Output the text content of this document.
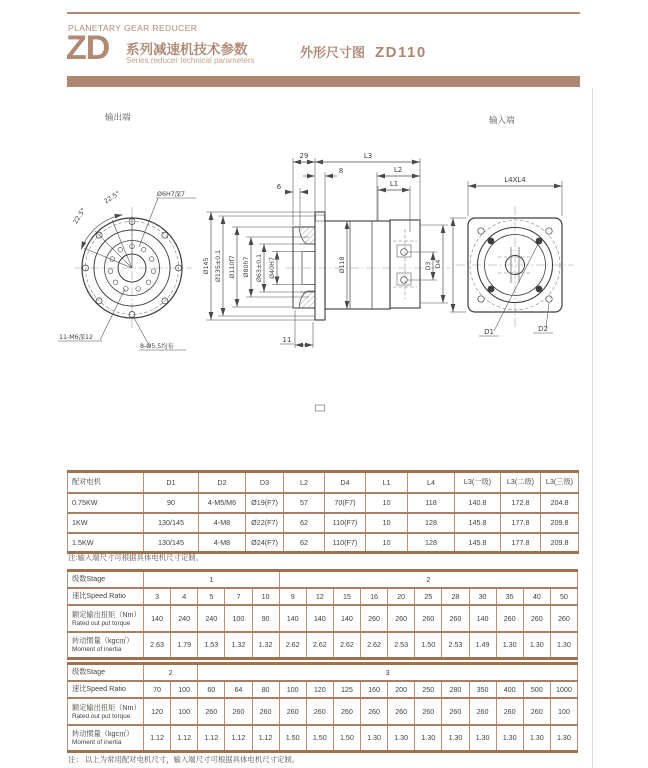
PLANETARY GEAR REDUCER
ZD 系列减速机技术参数
Series reducer technical parameters
外形尺寸图 ZD110
输出端	输入端
22.5°
22.5°
Ø6H7深7
11-M6深12
8-Ø5.5均布
Ø145 Ø135±0.1 Ø110f7 Ø80h7 Ø63±0.1 Ø40H7	Ø118	D3 D4
29	L3
8	L2
L1
6
11
L4XL4
D1	D2
配对电机	D1	D2	D3	L2	D4	L1	L4	L3(一级)	L3(二级)	L3(三级)
0.75KW	90	4-M5/M6	Ø19(F7)	57	70(F7)	10	118	140.8	172.8	204.8
1KW	130/145	4-M8	Ø22(F7)	62	110(F7)	10	128	145.8	177.8	209.8
1.5KW	130/145	4-M8	Ø24(F7)	62	110(F7)	10	128	145.8	177.8	209.8
注:输入端尺寸可根据具体电机尺寸定制。
级数Stage	1					2										
速比Speed Ratio	3	4	5	7	10	9	12	15	16	20	25	28	30	35	40	50

额定输出扭矩（Nm）
Rated out put torque	140	240	240	100	90	140	140	140	260	260	260	260	140	260	260	260

转动惯量（kgc㎡）
Moment of inertia	2.63	1.79	1.53	1.32	1.32	2.62	2.62	2.62	2.62	2.53	1.50	2.53	1.49	1.30	1.30	1.30
级数Stage	2		3													
速比Speed Ratio	70	100	60	64	80	100	120	125	160	200	250	280	350	400	500	1000

额定输出扭矩（Nm）
Rated out put torque	120	100	260	260	260	260	260	260	260	260	260	260	260	260	260	100

转动惯量（kgc㎡）
Moment of inertia	1.12	1.12	1.12	1.12	1.12	1.50	1.50	1.50	1.30	1.30	1.30	1.30	1.30	1.30	1.30	1.30
注： 以上为常用配对电机尺寸，输入端尺寸可根据具体电机尺寸定制。
